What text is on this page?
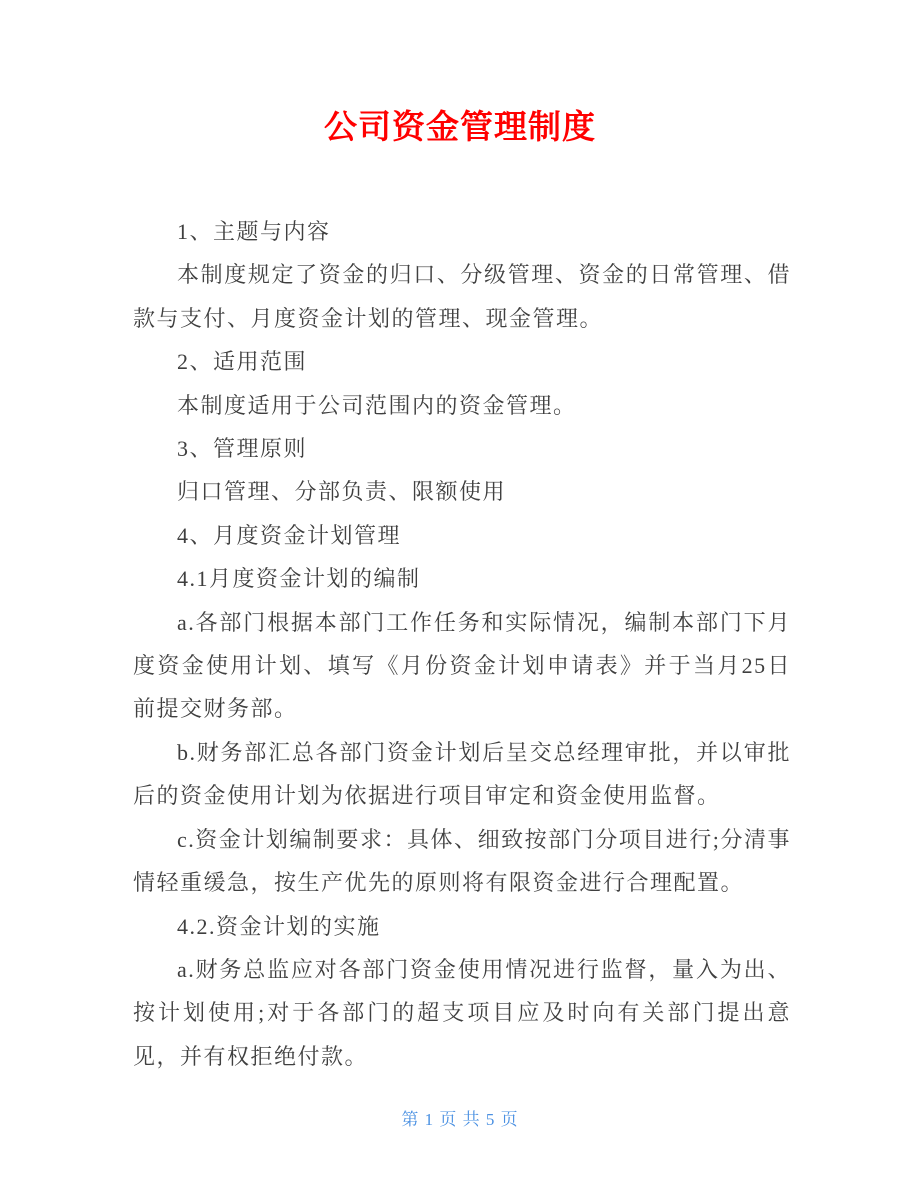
公司资金管理制度

1、主题与内容

本制度规定了资金的归口、分级管理、资金的日常管理、借款与支付、月度资金计划的管理、现金管理。

2、适用范围

本制度适用于公司范围内的资金管理。

3、管理原则

归口管理、分部负责、限额使用

4、月度资金计划管理

4.1月度资金计划的编制

a.各部门根据本部门工作任务和实际情况，编制本部门下月度资金使用计划、填写《月份资金计划申请表》并于当月25日前提交财务部。

b.财务部汇总各部门资金计划后呈交总经理审批，并以审批后的资金使用计划为依据进行项目审定和资金使用监督。

c.资金计划编制要求：具体、细致按部门分项目进行;分清事情轻重缓急，按生产优先的原则将有限资金进行合理配置。

4.2.资金计划的实施

a.财务总监应对各部门资金使用情况进行监督，量入为出、按计划使用;对于各部门的超支项目应及时向有关部门提出意见，并有权拒绝付款。

第 1 页 共 5 页
